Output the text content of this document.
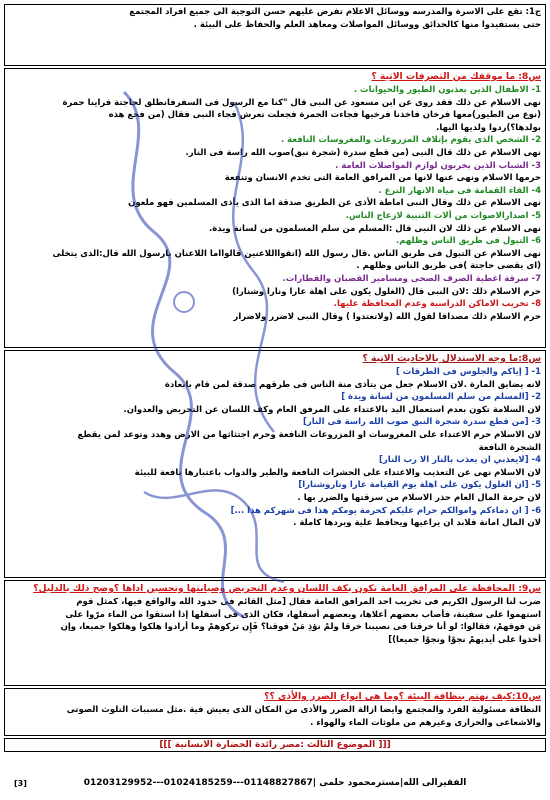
ج1: تقع على الاسرة والمدرسه ووسائل الاعلام تفرض عليهم حسن التوجية الى جميع افراد المجتمع
حتى يستفيدوا منها كالحدائق ووسائل المواصلات ومعاهد العلم والحفاظ على البيئة .
س8: ما موقفك من التصرفات الاتية ؟
1- الاطفال الذين يعذبون الطيور والحيوانات .
نهى الاسلام عن ذلك فقد روى عن ابن مسعود عن النبى قال "كنا مع الرسول فى السفرفانطلق لحاجتة فراينا حمرة
(نوع من الطيور)معها فرخان فاخذنا فرخيها فجاءت الحمرة فجعلت تعرش فجاء النبى فقال (من فجع هذه
بولدها؟)ردوا ولديها اليها.
2- الشخص الذى يقوم بإتلاف المزروعات والمغروسات النافعة .
نهى الاسلام عن ذلك قال النبى (من قطع سدرة (شجرة نبق)صوب الله راسة فى النار.
3- الشباب الذين يخربون لوازم المواصلات العامة .
حرمها الاسلام ونهى عنها لانها من المرافق العامة التى تخدم الانسان وتنفعة
4- القاء القمامة فى مياه الانهار الترع .
نهى الاسلام عن ذلك وقال النبى اماطة الأذى عن الطريق صدقة اما الذى يأذى المسلمين فهو ملعون
5- اصدارالاصوات من ألات التنبية لازعاج الناس.
نهى الاسلام عن ذلك لان النبى قال :المسلم من سلم المسلمون من لسانة ويدة.
6- التبول فى طريق الناس وظلهم.
نهى الاسلام عن التبول فى طريق الناس .قال رسول الله (اتقوااللاعنين قالوااما اللاعنان يارسول الله قال:الذى يتخلى
(اى يقضى حاجتة )فى طريق الناس وظلهم .
7- سرقة اغطية الصرف الصحى ومسامير القضبان والقطارات.
حرم الاسلام ذلك :لان النبى قال (الغلول يكون على اهلة عارا ونارا وشنارا)
8- تخريب الاماكن الدراسية وعدم المحافظة عليها.
حرم الاسلام ذلك مصداقا لقول الله (ولاتعتدوا ) وقال النبى لاضرر ولاضرار
س8:ما وجه الاستدلال بالاحاديث الاتية ؟
1- [ إياكم والجلوس فى الطرقات ]
لانه يضايق المارة .لان الاسلام جعل من يتأذى منة الناس فى طرقهم صدقة لمن قام بابعادة
2- [المسلم من سلم المسلمون من لسانة ويدة ]
لان السلامة تكون بعدم استعمال اليد بالاعتداء على المرفق العام وكف اللسان عن التحريض والعدوان.
3- [من قطع سدرة شجرة النبق صوب الله راسة فى النار]
لان الاسلام حرم الاعتداء على المغروسات او المزروعات النافعة وحرم اجتثاثها من الارض وهدد وتوعد لمن يقطع
الشجرة النافعة
4- [لايعذبي ان يعذب بالنار الا رب النار]
لان الاسلام نهى عن التعذيب والاعتداء على الحشرات النافعة والطير والدواب باعتبارها نافعة للبيئة
5- [ان الغلول يكون على اهلة يوم القيامة عارا وناروشنارا]
لان حرمة المال العام حذر الاسلام من سرقتها والضرر بها .
6- [ ان دماءكم واموالكم حرام عليكم كحرمة يومكم هذا فى شهركم هذا ...]
لان المال امانة فلابد ان يراعيها ويحافظ علية ويردها كاملة .
س9: المحافظة على المرافق العامة تكون بكف اللسان وعدم التحريض وصيانتها وتحسين اداها ؟وضح ذلك بالدليل؟
ضرب لنا الرسول الكريم فى تخريب احد المرافق العامة فقال [مثل القائم فى حدود الله والواقع فيها، كمثل قوم
استهموا على سفينة، فأصاب بعضهم أعلاها، وبعضهم أسفلها، فكان الذى فى أسفلها إذا استقوا من الماء مرّوا على
مَن فوقهمْ، فقالوا: لو أنا خرقنا فى نصيبنا خرقا ولمْ نؤذِ مَنْ فوقنا؟ فَإِن تركوهمْ وما أرادوا هلكوا وهلكوا جميعا، وإن
أخذوا على أيديهمْ نجوْا ونجوْا جميعا)]
س10:كيف نهتم بنظافة البيئة ؟وما هى انواع الضرر والأذى ؟؟
النظافة مسئولية الفرد والمجتمع وايضا ازالة الضرر والأذى من المكان الذى يعيش فية .مثل مسببات التلوث الصوتى
والاشعاعى والحرارى وغيرهم من ملوثات الماء والهواء .
[[[ الموضوع الثالث :مصر رائدة الحضارة الانسانية ]]]
الفقيرالى الله|مسترمحمود حلمى |01148827867---01024185259---01203129952
[3]
